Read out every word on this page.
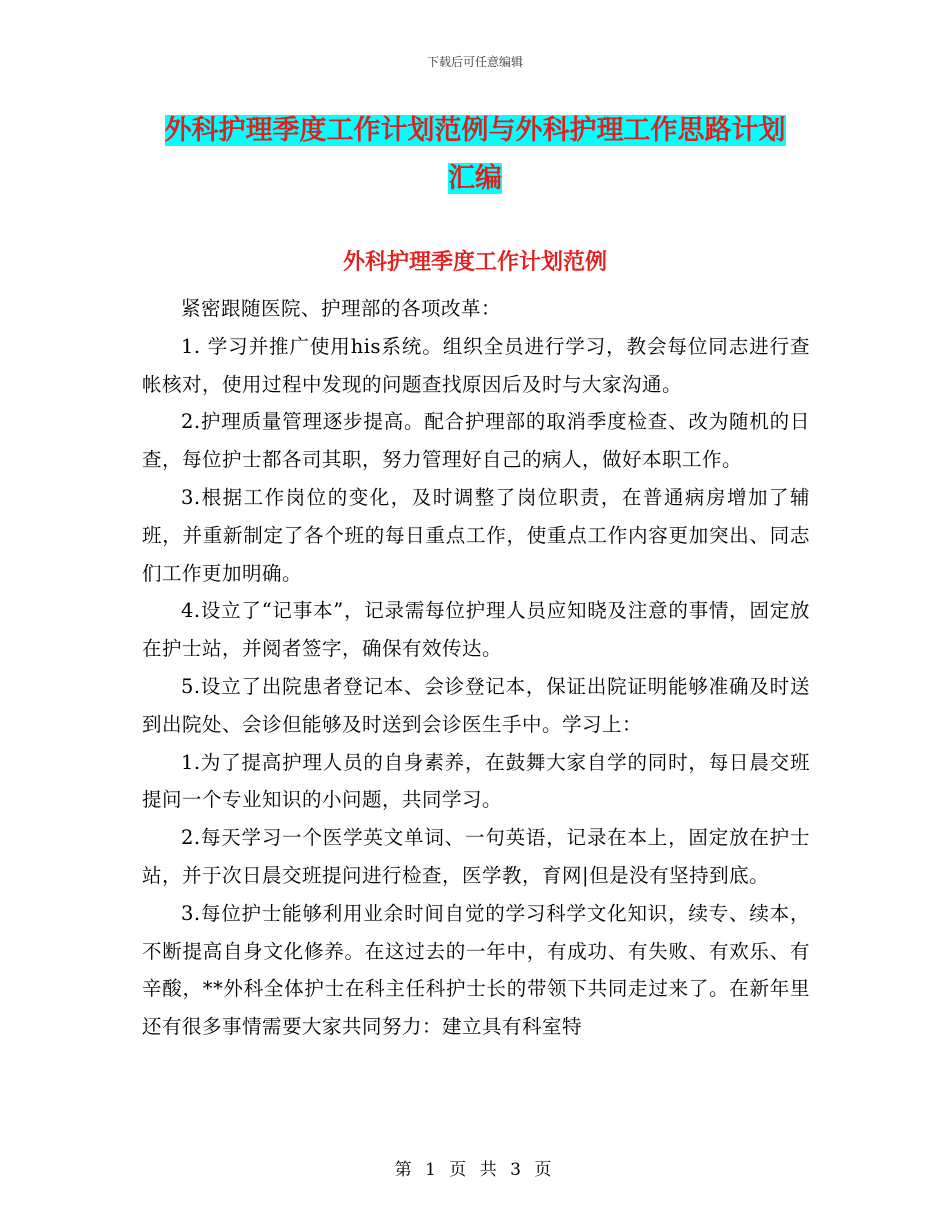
下载后可任意编辑
外科护理季度工作计划范例与外科护理工作思路计划
汇编
外科护理季度工作计划范例

紧密跟随医院、护理部的各项改革：

1. 学习并推广使用his系统。组织全员进行学习，教会每位同志进行查帐核对，使用过程中发现的问题查找原因后及时与大家沟通。

2.护理质量管理逐步提高。配合护理部的取消季度检查、改为随机的日查，每位护士都各司其职，努力管理好自己的病人，做好本职工作。

3.根据工作岗位的变化，及时调整了岗位职责，在普通病房增加了辅班，并重新制定了各个班的每日重点工作，使重点工作内容更加突出、同志们工作更加明确。

4.设立了“记事本”，记录需每位护理人员应知晓及注意的事情，固定放在护士站，并阅者签字，确保有效传达。

5.设立了出院患者登记本、会诊登记本，保证出院证明能够准确及时送到出院处、会诊但能够及时送到会诊医生手中。学习上：

1.为了提高护理人员的自身素养，在鼓舞大家自学的同时，每日晨交班提问一个专业知识的小问题，共同学习。

2.每天学习一个医学英文单词、一句英语，记录在本上，固定放在护士站，并于次日晨交班提问进行检查，医学教，育网|但是没有坚持到底。

3.每位护士能够利用业余时间自觉的学习科学文化知识，续专、续本，不断提高自身文化修养。在这过去的一年中，有成功、有失败、有欢乐、有辛酸，**外科全体护士在科主任科护士长的带领下共同走过来了。在新年里还有很多事情需要大家共同努力：建立具有科室特

第 1 页 共 3 页
